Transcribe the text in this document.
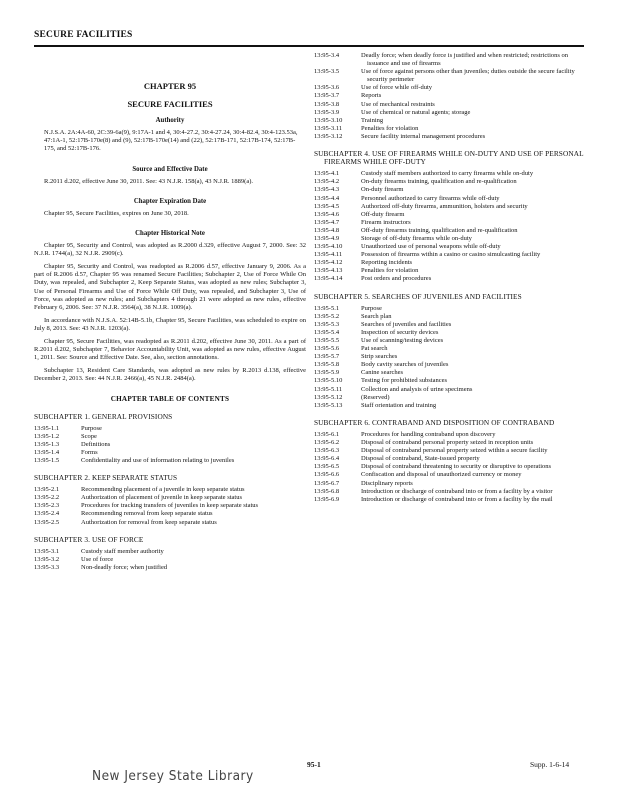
SECURE FACILITIES
CHAPTER 95
SECURE FACILITIES
Authority
N.J.S.A. 2A:4A-60, 2C:39-6a(9), 9:17A-1 and 4, 30:4-27.2, 30:4-27.24, 30:4-82.4, 30:4-123.53a, 47:1A-1, 52:17B-170e(8) and (9), 52:17B-170e(14) and (22), 52:17B-171, 52:17B-174, 52:17B-175, and 52:17B-176.
Source and Effective Date
R.2011 d.202, effective June 30, 2011. See: 43 N.J.R. 158(a), 43 N.J.R. 1889(a).
Chapter Expiration Date
Chapter 95, Secure Facilities, expires on June 30, 2018.
Chapter Historical Note
Chapter 95, Security and Control, was adopted as R.2000 d.329, effective August 7, 2000. See: 32 N.J.R. 1744(a), 32 N.J.R. 2909(c).
Chapter 95, Security and Control, was readopted as R.2006 d.57, effective January 9, 2006. As a part of R.2006 d.57, Chapter 95 was renamed Secure Facilities; Subchapter 2, Use of Force While On Duty, was repealed, and Subchapter 2, Keep Separate Status, was adopted as new rules; Subchapter 3, Use of Personal Firearms and Use of Force While Off Duty, was repealed, and Subchapter 3, Use of Force, was adopted as new rules; and Subchapters 4 through 21 were adopted as new rules, effective February 6, 2006. See: 37 N.J.R. 3564(a), 38 N.J.R. 1009(a).
In accordance with N.J.S.A. 52:14B-5.1b, Chapter 95, Secure Facilities, was scheduled to expire on July 8, 2013. See: 43 N.J.R. 1203(a).
Chapter 95, Secure Facilities, was readopted as R.2011 d.202, effective June 30, 2011. As a part of R.2011 d.202, Subchapter 7, Behavior Accountability Unit, was adopted as new rules, effective August 1, 2011. See: Source and Effective Date. See, also, section annotations.
Subchapter 13, Resident Care Standards, was adopted as new rules by R.2013 d.138, effective December 2, 2013. See: 44 N.J.R. 2466(a), 45 N.J.R. 2484(a).
CHAPTER TABLE OF CONTENTS
SUBCHAPTER 1. GENERAL PROVISIONS
13:95-1.1	Purpose
13:95-1.2	Scope
13:95-1.3	Definitions
13:95-1.4	Forms
13:95-1.5	Confidentiality and use of information relating to juveniles
SUBCHAPTER 2. KEEP SEPARATE STATUS
13:95-2.1	Recommending placement of a juvenile in keep separate status
13:95-2.2	Authorization of placement of juvenile in keep separate status
13:95-2.3	Procedures for tracking transfers of juveniles in keep separate status
13:95-2.4	Recommending removal from keep separate status
13:95-2.5	Authorization for removal from keep separate status
SUBCHAPTER 3. USE OF FORCE
13:95-3.1	Custody staff member authority
13:95-3.2	Use of force
13:95-3.3	Non-deadly force; when justified
13:95-3.4	Deadly force; when deadly force is justified and when restricted; restrictions on issuance and use of firearms
13:95-3.5	Use of force against persons other than juveniles; duties outside the secure facility security perimeter
13:95-3.6	Use of force while off-duty
13:95-3.7	Reports
13:95-3.8	Use of mechanical restraints
13:95-3.9	Use of chemical or natural agents; storage
13:95-3.10	Training
13:95-3.11	Penalties for violation
13:95-3.12	Secure facility internal management procedures
SUBCHAPTER 4. USE OF FIREARMS WHILE ON-DUTY AND USE OF PERSONAL FIREARMS WHILE OFF-DUTY
13:95-4.1	Custody staff members authorized to carry firearms while on-duty
13:95-4.2	On-duty firearms training, qualification and re-qualification
13:95-4.3	On-duty firearm
13:95-4.4	Personnel authorized to carry firearms while off-duty
13:95-4.5	Authorized off-duty firearms, ammunition, holsters and security
13:95-4.6	Off-duty firearm
13:95-4.7	Firearm instructors
13:95-4.8	Off-duty firearms training, qualification and re-qualification
13:95-4.9	Storage of off-duty firearms while on-duty
13:95-4.10	Unauthorized use of personal weapons while off-duty
13:95-4.11	Possession of firearms within a casino or casino simulcasting facility
13:95-4.12	Reporting incidents
13:95-4.13	Penalties for violation
13:95-4.14	Post orders and procedures
SUBCHAPTER 5. SEARCHES OF JUVENILES AND FACILITIES
13:95-5.1	Purpose
13:95-5.2	Search plan
13:95-5.3	Searches of juveniles and facilities
13:95-5.4	Inspection of security devices
13:95-5.5	Use of scanning/testing devices
13:95-5.6	Pat search
13:95-5.7	Strip searches
13:95-5.8	Body cavity searches of juveniles
13:95-5.9	Canine searches
13:95-5.10	Testing for prohibited substances
13:95-5.11	Collection and analysis of urine specimens
13:95-5.12	(Reserved)
13:95-5.13	Staff orientation and training
SUBCHAPTER 6. CONTRABAND AND DISPOSITION OF CONTRABAND
13:95-6.1	Procedures for handling contraband upon discovery
13:95-6.2	Disposal of contraband personal property seized in reception units
13:95-6.3	Disposal of contraband personal property seized within a secure facility
13:95-6.4	Disposal of contraband, State-issued property
13:95-6.5	Disposal of contraband threatening to security or disruptive to operations
13:95-6.6	Confiscation and disposal of unauthorized currency or money
13:95-6.7	Disciplinary reports
13:95-6.8	Introduction or discharge of contraband into or from a facility by a visitor
13:95-6.9	Introduction or discharge of contraband into or from a facility by the mail
New Jersey State Library
95-1	Supp. 1-6-14
